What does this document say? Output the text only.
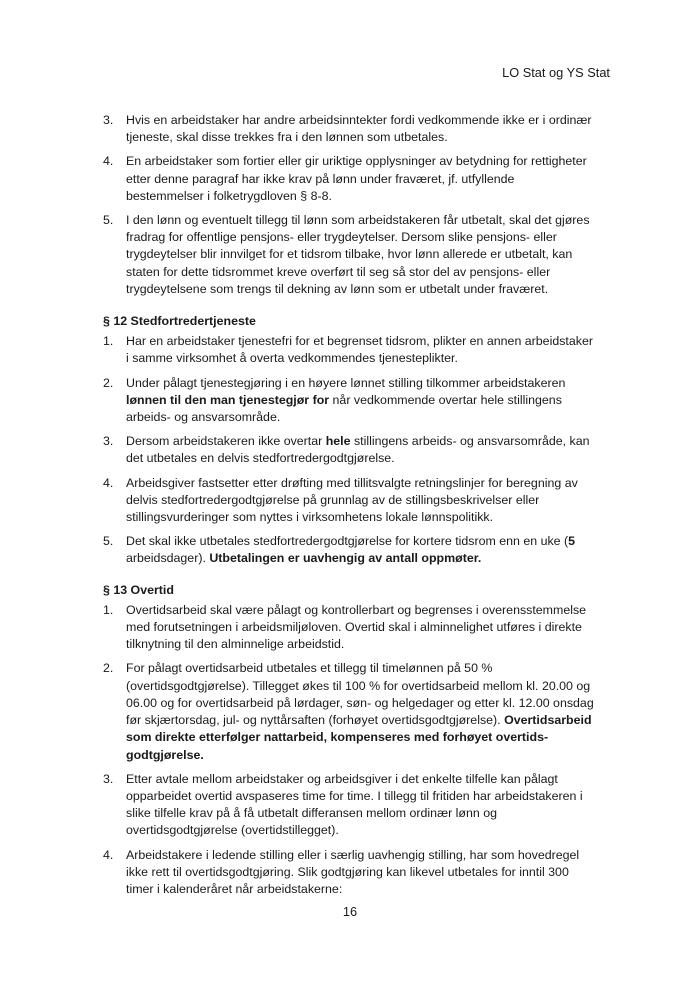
LO Stat og YS Stat
3.	Hvis en arbeidstaker har andre arbeidsinntekter fordi vedkommende ikke er i ordinær tjeneste, skal disse trekkes fra i den lønnen som utbetales.
4.	En arbeidstaker som fortier eller gir uriktige opplysninger av betydning for rettigheter etter denne paragraf har ikke krav på lønn under fraværet, jf. utfyllende bestemmelser i folketrygdloven § 8-8.
5.	I den lønn og eventuelt tillegg til lønn som arbeidstakeren får utbetalt, skal det gjøres fradrag for offentlige pensjons- eller trygdeytelser. Dersom slike pensjons- eller trygdeytelser blir innvilget for et tidsrom tilbake, hvor lønn allerede er utbetalt, kan staten for dette tidsrommet kreve overført til seg så stor del av pensjons- eller trygdeytelsene som trengs til dekning av lønn som er utbetalt under fraværet.
§ 12 Stedfortredertjeneste
1.	Har en arbeidstaker tjenestefri for et begrenset tidsrom, plikter en annen arbeidstaker i samme virksomhet å overta vedkommendes tjenesteplikter.
2.	Under pålagt tjenestegjøring i en høyere lønnet stilling tilkommer arbeidstakeren lønnen til den man tjenestegjør for når vedkommende overtar hele stillingens arbeids- og ansvarsområde.
3.	Dersom arbeidstakeren ikke overtar hele stillingens arbeids- og ansvarsområde, kan det utbetales en delvis stedfortredergodtgjørelse.
4.	Arbeidsgiver fastsetter etter drøfting med tillitsvalgte retningslinjer for beregning av delvis stedfortredergodtgjørelse på grunnlag av de stillingsbeskrivelser eller stillingsvurderinger som nyttes i virksomhetens lokale lønnspolitikk.
5.	Det skal ikke utbetales stedfortredergodtgjørelse for kortere tidsrom enn en uke (5 arbeidsdager). Utbetalingen er uavhengig av antall oppmøter.
§ 13 Overtid
1.	Overtidsarbeid skal være pålagt og kontrollerbart og begrenses i overensstemmelse med forutsetningen i arbeidsmiljøloven. Overtid skal i alminnelighet utføres i direkte tilknytning til den alminnelige arbeidstid.
2.	For pålagt overtidsarbeid utbetales et tillegg til timelønnen på 50 % (overtidsgodtgjørelse). Tillegget økes til 100 % for overtidsarbeid mellom kl. 20.00 og 06.00 og for overtidsarbeid på lørdager, søn- og helgedager og etter kl. 12.00 onsdag før skjærtorsdag, jul- og nyttårsaften (forhøyet overtidsgodtgjørelse). Overtidsarbeid som direkte etterfølger nattarbeid, kompenseres med forhøyet overtids-godtgjørelse.
3.	Etter avtale mellom arbeidstaker og arbeidsgiver i det enkelte tilfelle kan pålagt opparbeidet overtid avspaseres time for time. I tillegg til fritiden har arbeidstakeren i slike tilfelle krav på å få utbetalt differansen mellom ordinær lønn og overtidsgodtgjørelse (overtidstillegget).
4.	Arbeidstakere i ledende stilling eller i særlig uavhengig stilling, har som hovedregel ikke rett til overtidsgodtgjøring. Slik godtgjøring kan likevel utbetales for inntil 300 timer i kalenderåret når arbeidstakerne:
16
